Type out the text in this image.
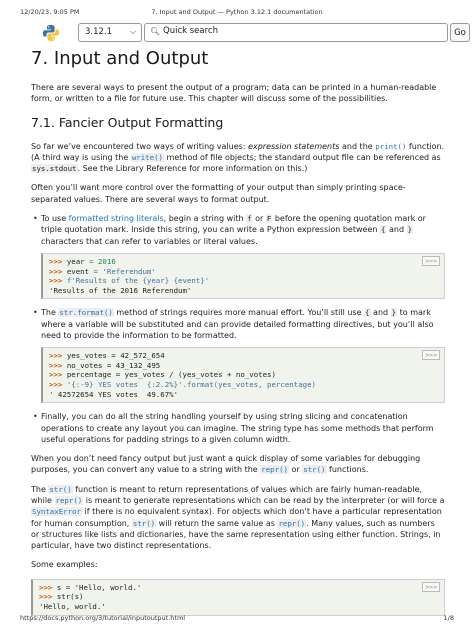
12/20/23, 9:05 PM	7. Input and Output — Python 3.12.1 documentation
3.12.1 ⌵ 🔍︎
Quick search	Go
7. Input and Output

There are several ways to present the output of a program; data can be printed in a human-readable form, or written to a file for future use. This chapter will discuss some of the possibilities.

7.1. Fancier Output Formatting

So far we’ve encountered two ways of writing values: expression statements and the print() function. (A third way is using the write() method of file objects; the standard output file can be referenced as sys.stdout. See the Library Reference for more information on this.)

Often you’ll want more control over the formatting of your output than simply printing space-separated values. There are several ways to format output.

• To use formatted string literals, begin a string with f or F before the opening quotation mark or triple quotation mark. Inside this string, you can write a Python expression between { and } characters that can refer to variables or literal values.
>>>
>>> year = 2016
>>> event = 'Referendum'
>>> f'Results of the {year} {event}'
'Results of the 2016 Referendum'
• The str.format() method of strings requires more manual effort. You’ll still use { and } to mark where a variable will be substituted and can provide detailed formatting directives, but you’ll also need to provide the information to be formatted.
>>>
>>> yes_votes = 42_572_654
>>> no_votes = 43_132_495
>>> percentage = yes_votes / (yes_votes + no_votes)
>>> '{:-9} YES votes  {:2.2%}'.format(yes_votes, percentage)
' 42572654 YES votes  49.67%'
• Finally, you can do all the string handling yourself by using string slicing and concatenation operations to create any layout you can imagine. The string type has some methods that perform useful operations for padding strings to a given column width.

When you don’t need fancy output but just want a quick display of some variables for debugging purposes, you can convert any value to a string with the repr() or str() functions.

The str() function is meant to return representations of values which are fairly human-readable, while repr() is meant to generate representations which can be read by the interpreter (or will force a SyntaxError if there is no equivalent syntax). For objects which don’t have a particular representation for human consumption, str() will return the same value as repr(). Many values, such as numbers or structures like lists and dictionaries, have the same representation using either function. Strings, in particular, have two distinct representations.

Some examples:

>>>
>>> s = 'Hello, world.'
>>> str(s)
'Hello, world.'
https://docs.python.org/3/tutorial/inputoutput.html	1/8
